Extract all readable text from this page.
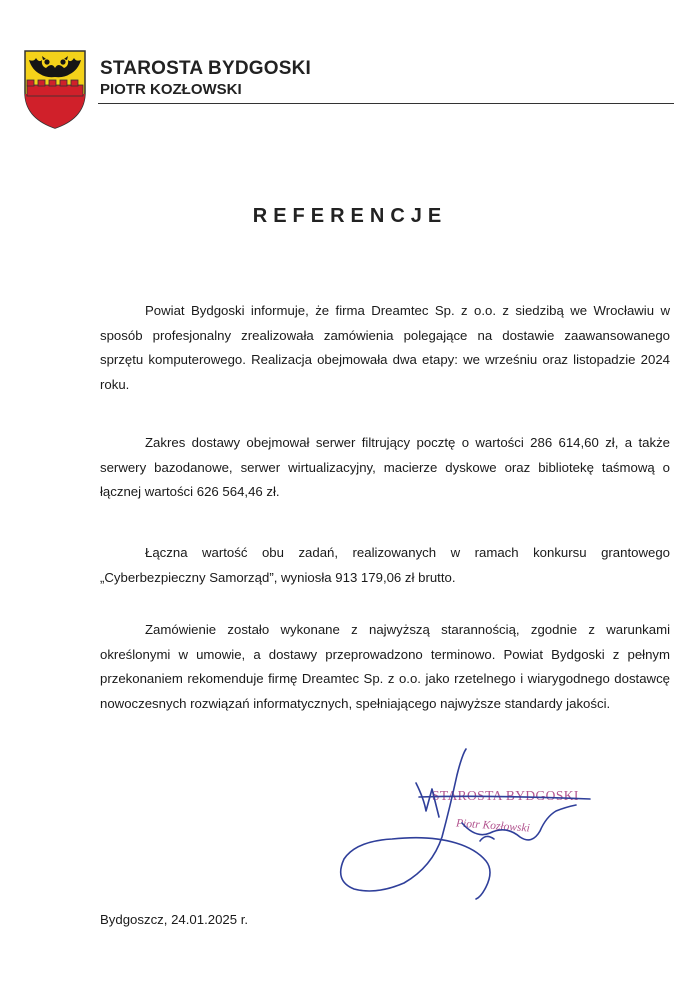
STAROSTA BYDGOSKI

PIOTR KOZŁOWSKI

REFERENCJE

Powiat Bydgoski informuje, że firma Dreamtec Sp. z o.o. z siedzibą we Wrocławiu w sposób profesjonalny zrealizowała zamówienia polegające na dostawie zaawansowanego sprzętu komputerowego. Realizacja obejmowała dwa etapy: we wrześniu oraz listopadzie 2024 roku.

Zakres dostawy obejmował serwer filtrujący pocztę o wartości 286 614,60 zł, a także serwery bazodanowe, serwer wirtualizacyjny, macierze dyskowe oraz bibliotekę taśmową o łącznej wartości 626 564,46 zł.

Łączna wartość obu zadań, realizowanych w ramach konkursu grantowego „Cyberbezpieczny Samorząd”, wyniosła 913 179,06 zł brutto.

Zamówienie zostało wykonane z najwyższą starannością, zgodnie z warunkami określonymi w umowie, a dostawy przeprowadzono terminowo. Powiat Bydgoski z pełnym przekonaniem rekomenduje firmę Dreamtec Sp. z o.o. jako rzetelnego i wiarygodnego dostawcę nowoczesnych rozwiązań informatycznych, spełniającego najwyższe standardy jakości.

STAROSTA BYDGOSKI
Piotr Kozłowski
Bydgoszcz, 24.01.2025 r.
